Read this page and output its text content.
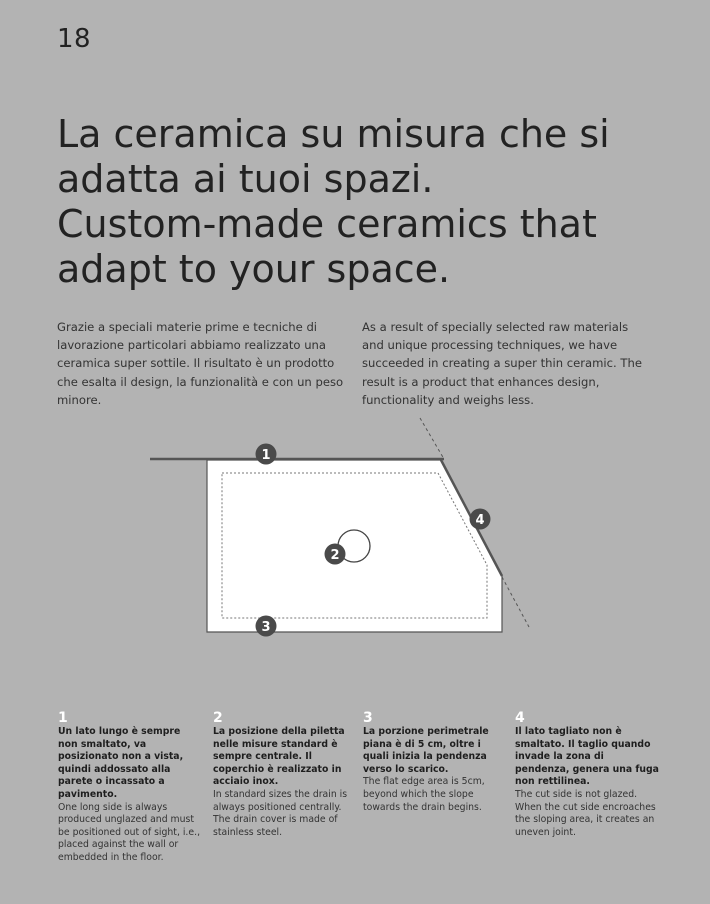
18
La ceramica su misura che si
adatta ai tuoi spazi.
Custom-made ceramics that
adapt to your space.

Grazie a speciali materie prime e tecniche di lavorazione particolari abbiamo realizzato una ceramica super sottile. Il risultato è un prodotto che esalta il design, la funzionalità e con un peso minore.

As a result of specially selected raw materials and unique processing techniques, we have succeeded in creating a super thin ceramic. The result is a product that enhances design, functionality and weighs less.

1
2
3
4
1
Un lato lungo è sempre non smaltato, va posizionato non a vista, quindi addossato alla parete o incassato a pavimento.
One long side is always produced unglazed and must be positioned out of sight, i.e., placed against the wall or embedded in the floor.
2
La posizione della piletta nelle misure standard è sempre centrale. Il coperchio è realizzato in acciaio inox.
In standard sizes the drain is always positioned centrally. The drain cover is made of stainless steel.
3
La porzione perimetrale piana è di 5 cm, oltre i quali inizia la pendenza verso lo scarico.
The flat edge area is 5cm, beyond which the slope towards the drain begins.
4
Il lato tagliato non è smaltato. Il taglio quando invade la zona di pendenza, genera una fuga non rettilinea.
The cut side is not glazed. When the cut side encroaches the sloping area, it creates an uneven joint.
